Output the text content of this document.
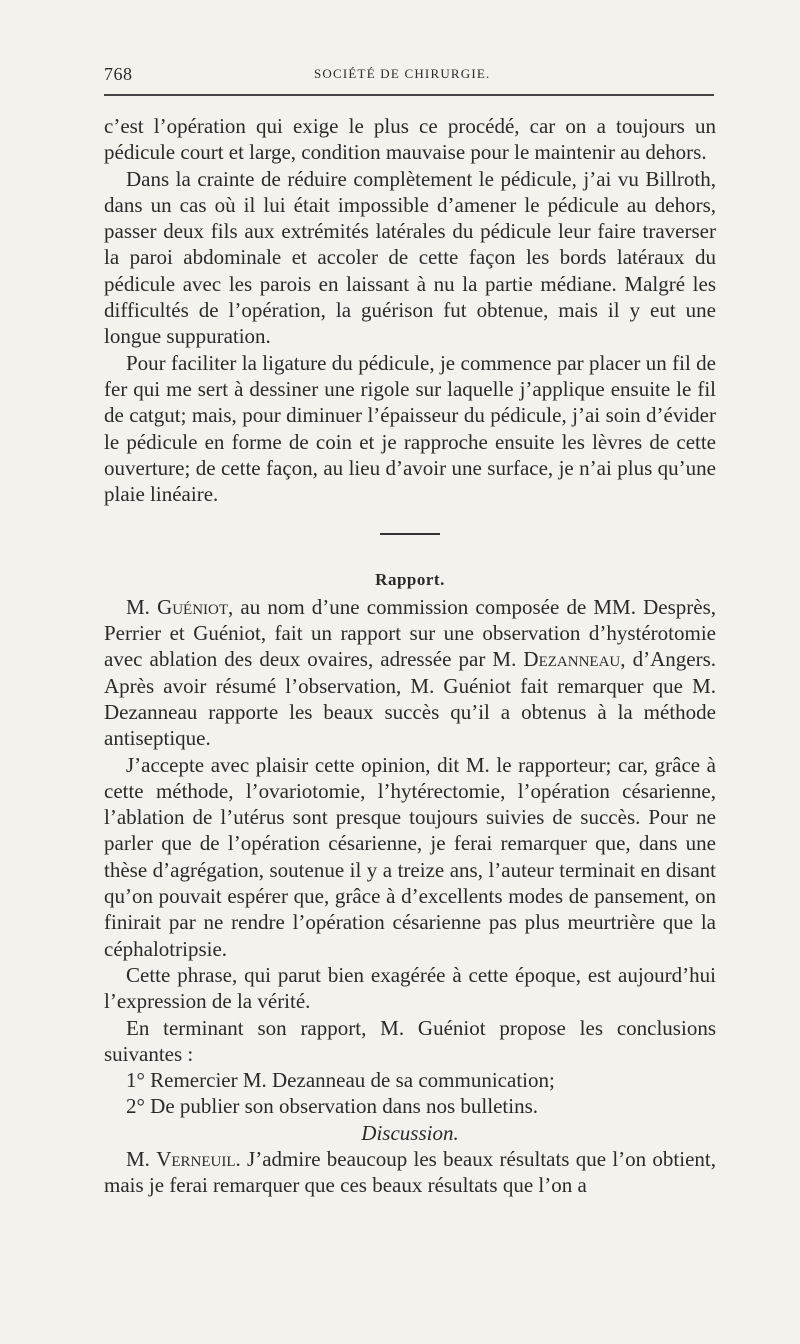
768	SOCIÉTÉ DE CHIRURGIE.

c’est l’opération qui exige le plus ce procédé, car on a toujours un pédicule court et large, condition mauvaise pour le maintenir au dehors.

Dans la crainte de réduire complètement le pédicule, j’ai vu Billroth, dans un cas où il lui était impossible d’amener le pédicule au dehors, passer deux fils aux extrémités latérales du pédicule leur faire traverser la paroi abdominale et accoler de cette façon les bords latéraux du pédicule avec les parois en laissant à nu la partie médiane. Malgré les difficultés de l’opération, la guérison fut obtenue, mais il y eut une longue suppuration.

Pour faciliter la ligature du pédicule, je commence par placer un fil de fer qui me sert à dessiner une rigole sur laquelle j’applique ensuite le fil de catgut; mais, pour diminuer l’épaisseur du pédicule, j’ai soin d’évider le pédicule en forme de coin et je rapproche ensuite les lèvres de cette ouverture; de cette façon, au lieu d’avoir une surface, je n’ai plus qu’une plaie linéaire.

Rapport.

M. Guéniot, au nom d’une commission composée de MM. Desprès, Perrier et Guéniot, fait un rapport sur une observation d’hystérotomie avec ablation des deux ovaires, adressée par M. Dezanneau, d’Angers. Après avoir résumé l’observation, M. Guéniot fait remarquer que M. Dezanneau rapporte les beaux succès qu’il a obtenus à la méthode antiseptique.

J’accepte avec plaisir cette opinion, dit M. le rapporteur; car, grâce à cette méthode, l’ovariotomie, l’hytérectomie, l’opération césarienne, l’ablation de l’utérus sont presque toujours suivies de succès. Pour ne parler que de l’opération césarienne, je ferai remarquer que, dans une thèse d’agrégation, soutenue il y a treize ans, l’auteur terminait en disant qu’on pouvait espérer que, grâce à d’excellents modes de pansement, on finirait par ne rendre l’opération césarienne pas plus meurtrière que la céphalotripsie.

Cette phrase, qui parut bien exagérée à cette époque, est aujourd’hui l’expression de la vérité.

En terminant son rapport, M. Guéniot propose les conclusions suivantes :

1° Remercier M. Dezanneau de sa communication;

2° De publier son observation dans nos bulletins.

Discussion.

M. Verneuil. J’admire beaucoup les beaux résultats que l’on obtient, mais je ferai remarquer que ces beaux résultats que l’on a
